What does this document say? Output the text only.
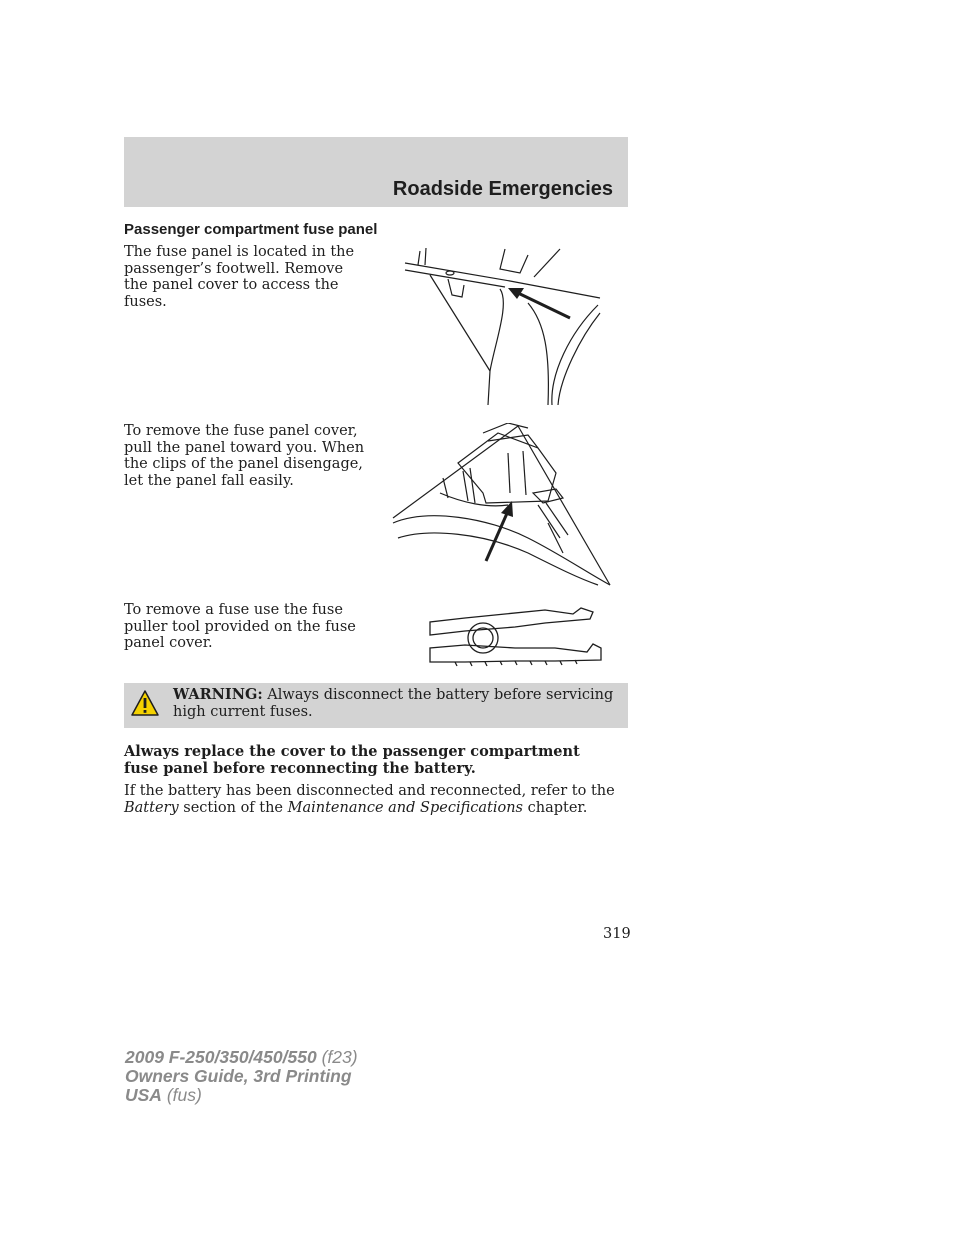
Roadside Emergencies
Passenger compartment fuse panel

The fuse panel is located in the passenger’s footwell. Remove the panel cover to access the fuses.

To remove the fuse panel cover, pull the panel toward you. When the clips of the panel disengage, let the panel fall easily.

To remove a fuse use the fuse puller tool provided on the fuse panel cover.

WARNING: Always disconnect the battery before servicing high current fuses.

Always replace the cover to the passenger compartment fuse panel before reconnecting the battery.

If the battery has been disconnected and reconnected, refer to the Battery section of the Maintenance and Specifications chapter.

319
2009 F-250/350/450/550 (f23)
Owners Guide, 3rd Printing
USA (fus)
